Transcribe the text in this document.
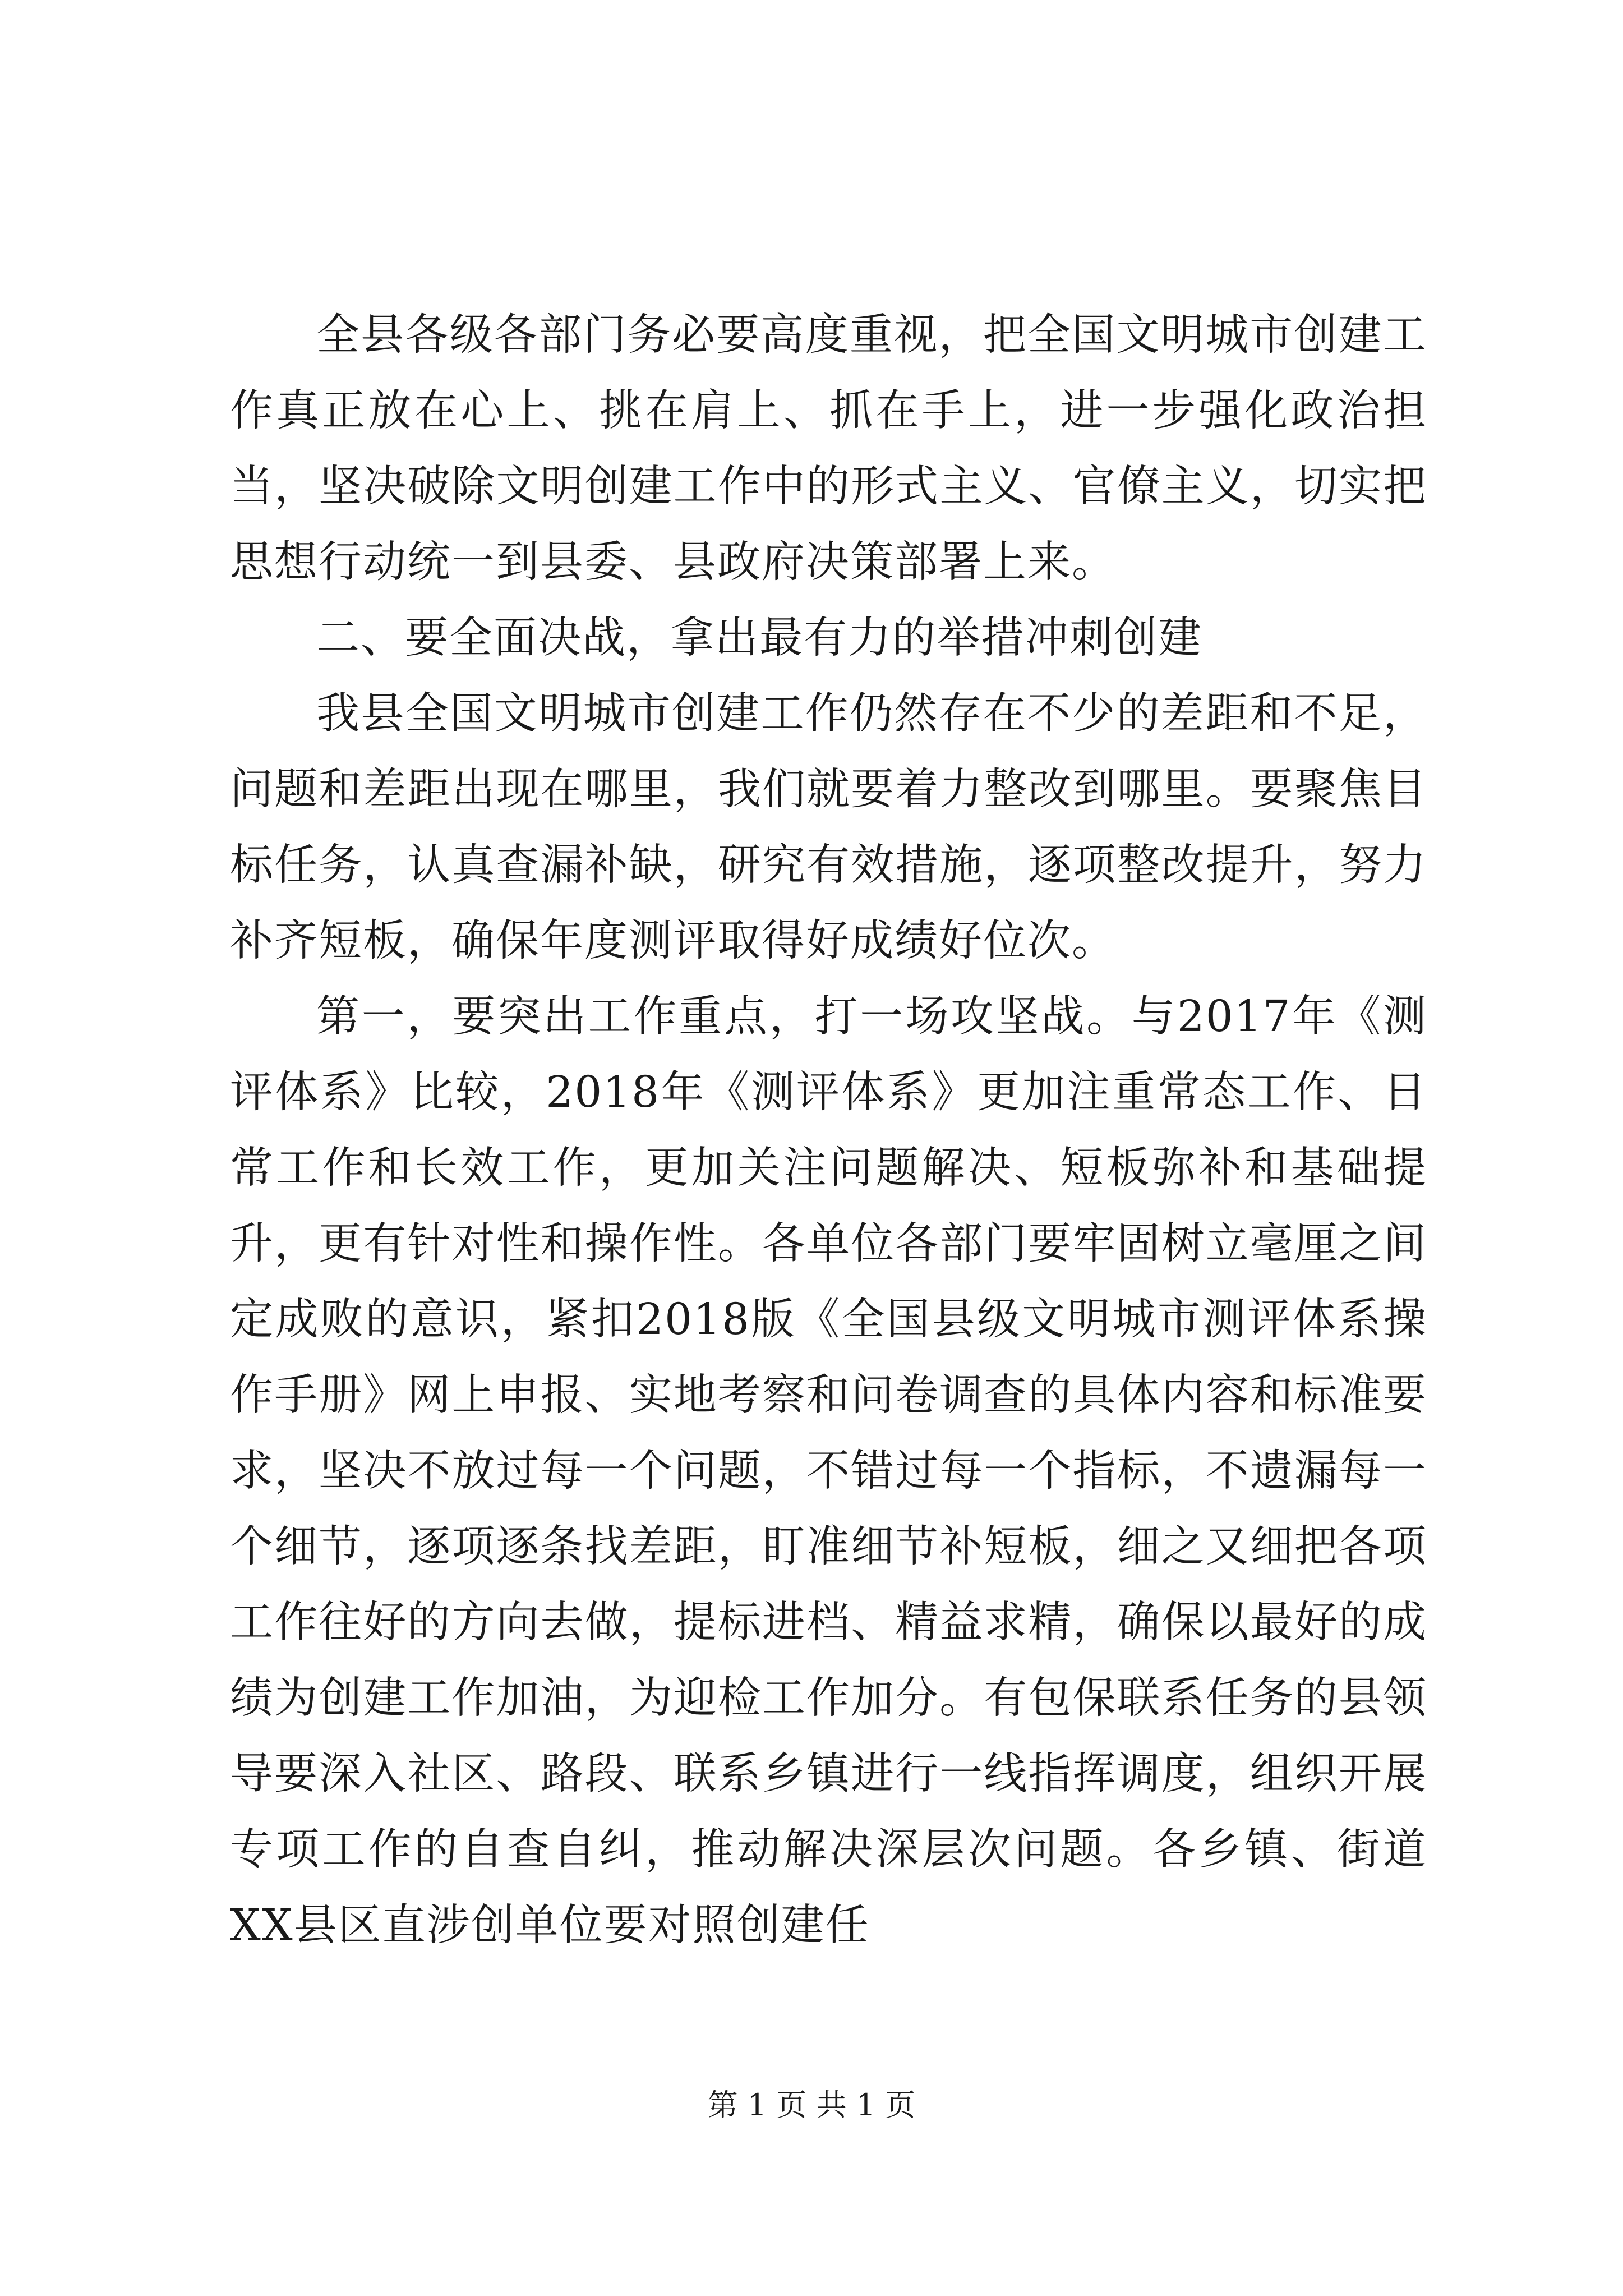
全县各级各部门务必要高度重视，把全国文明城市创建工作真正放在心上、挑在肩上、抓在手上，进一步强化政治担当，坚决破除文明创建工作中的形式主义、官僚主义，切实把思想行动统一到县委、县政府决策部署上来。

二、要全面决战，拿出最有力的举措冲刺创建

我县全国文明城市创建工作仍然存在不少的差距和不足，问题和差距出现在哪里，我们就要着力整改到哪里。要聚焦目标任务，认真查漏补缺，研究有效措施，逐项整改提升，努力补齐短板，确保年度测评取得好成绩好位次。

第一，要突出工作重点，打一场攻坚战。与2017年《测评体系》比较，2018年《测评体系》更加注重常态工作、日常工作和长效工作，更加关注问题解决、短板弥补和基础提升，更有针对性和操作性。各单位各部门要牢固树立毫厘之间定成败的意识，紧扣2018版《全国县级文明城市测评体系操作手册》网上申报、实地考察和问卷调查的具体内容和标准要求，坚决不放过每一个问题，不错过每一个指标，不遗漏每一个细节，逐项逐条找差距，盯准细节补短板，细之又细把各项工作往好的方向去做，提标进档、精益求精，确保以最好的成绩为创建工作加油，为迎检工作加分。有包保联系任务的县领导要深入社区、路段、联系乡镇进行一线指挥调度，组织开展专项工作的自查自纠，推动解决深层次问题。各乡镇、街道XX县区直涉创单位要对照创建任

第 1 页 共 1 页
